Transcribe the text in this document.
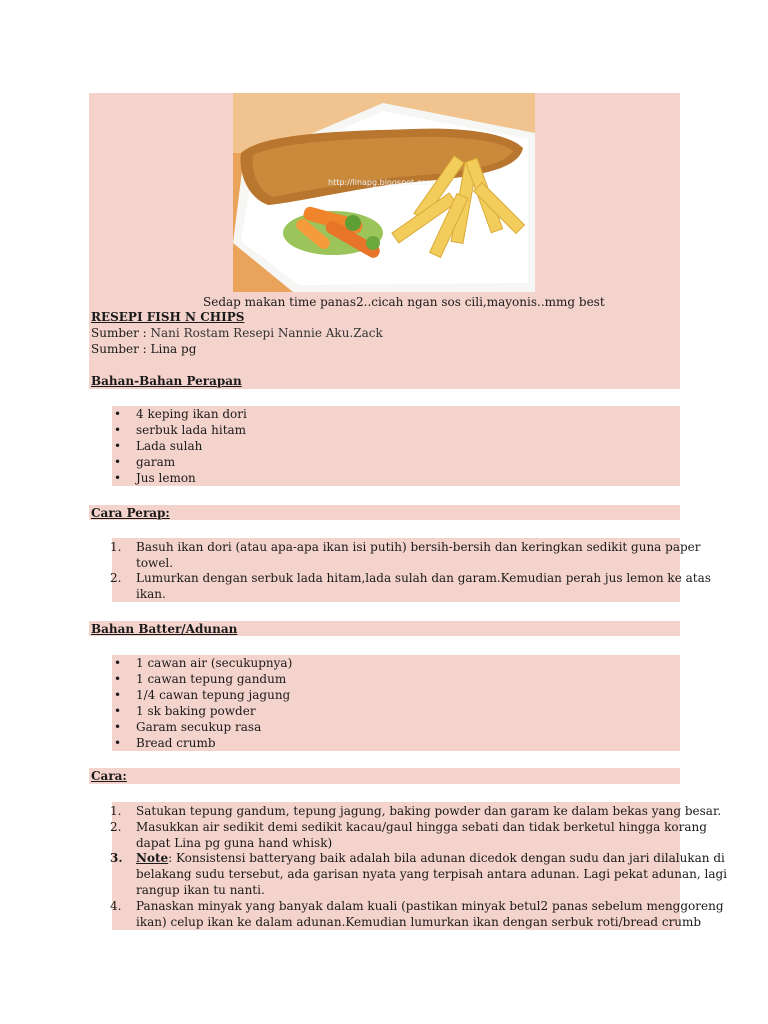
http://linapg.blogspot.com
Sedap makan time panas2..cicah ngan sos cili,mayonis..mmg best
RESEPI FISH N CHIPS
Sumber : Nani Rostam Resepi Nannie Aku.Zack
Sumber : Lina pg
Bahan-Bahan Perapan
• 4 keping ikan dori
• serbuk lada hitam
• Lada sulah
• garam
• Jus lemon
Cara Perap:
1. Basuh ikan dori (atau apa-apa ikan isi putih) bersih-bersih dan keringkan sedikit guna paper
towel.
2. Lumurkan dengan serbuk lada hitam,lada sulah dan garam.Kemudian perah jus lemon ke atas
ikan.
Bahan Batter/Adunan
• 1 cawan air (secukupnya)
• 1 cawan tepung gandum
• 1/4 cawan tepung jagung
• 1 sk baking powder
• Garam secukup rasa
• Bread crumb
Cara:
1. Satukan tepung gandum, tepung jagung, baking powder dan garam ke dalam bekas yang besar.
2. Masukkan air sedikit demi sedikit kacau/gaul hingga sebati dan tidak berketul hingga korang
dapat Lina pg guna hand whisk)
3. Note: Konsistensi batteryang baik adalah bila adunan dicedok dengan sudu dan jari dilalukan di
belakang sudu tersebut, ada garisan nyata yang terpisah antara adunan. Lagi pekat adunan, lagi
rangup ikan tu nanti.
4. Panaskan minyak yang banyak dalam kuali (pastikan minyak betul2 panas sebelum menggoreng
ikan) celup ikan ke dalam adunan.Kemudian lumurkan ikan dengan serbuk roti/bread crumb
